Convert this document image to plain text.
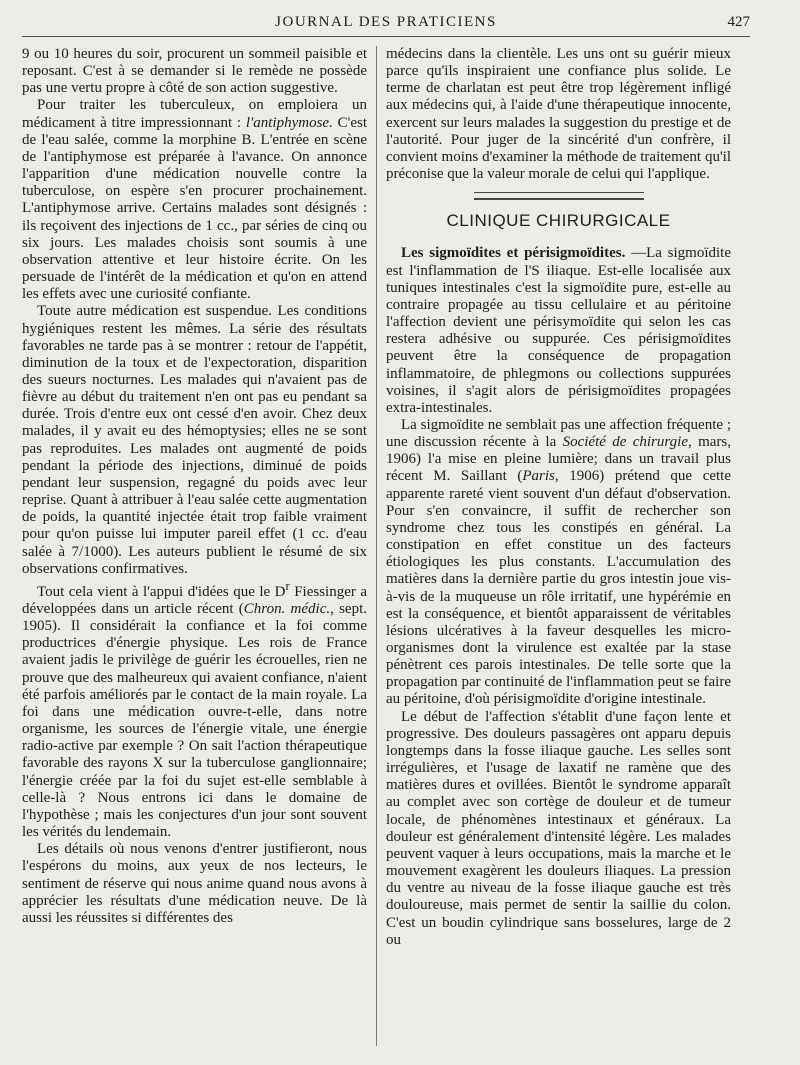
JOURNAL DES PRATICIENS	427

9 ou 10 heures du soir, procurent un sommeil paisible et reposant. C'est à se demander si le remède ne possède pas une vertu propre à côté de son action suggestive.

Pour traiter les tuberculeux, on emploiera un médicament à titre impressionnant : l'antiphymose. C'est de l'eau salée, comme la morphine B. L'entrée en scène de l'antiphymose est préparée à l'avance. On annonce l'apparition d'une médication nouvelle contre la tuberculose, on espère s'en procurer prochainement. L'antiphymose arrive. Certains malades sont désignés : ils reçoivent des injections de 1 cc., par séries de cinq ou six jours. Les malades choisis sont soumis à une observation attentive et leur histoire écrite. On les persuade de l'intérêt de la médication et qu'on en attend les effets avec une curiosité confiante.

Toute autre médication est suspendue. Les conditions hygiéniques restent les mêmes. La série des résultats favorables ne tarde pas à se montrer : retour de l'appétit, diminution de la toux et de l'expectoration, disparition des sueurs nocturnes. Les malades qui n'avaient pas de fièvre au début du traitement n'en ont pas eu pendant sa durée. Trois d'entre eux ont cessé d'en avoir. Chez deux malades, il y avait eu des hémoptysies; elles ne se sont pas reproduites. Les malades ont augmenté de poids pendant la période des injections, diminué de poids pendant leur suspension, regagné du poids avec leur reprise. Quant à attribuer à l'eau salée cette augmentation de poids, la quantité injectée était trop faible vraiment pour qu'on puisse lui imputer pareil effet (1 cc. d'eau salée à 7/1000). Les auteurs publient le résumé de six observations confirmatives.

Tout cela vient à l'appui d'idées que le $D^r$ Fiessinger a développées dans un article récent (Chron. médic., sept. 1905). Il considérait la confiance et la foi comme productrices d'énergie physique. Les rois de France avaient jadis le privilège de guérir les écrouelles, rien ne prouve que des malheureux qui avaient confiance, n'aient été parfois améliorés par le contact de la main royale. La foi dans une médication ouvre-t-elle, dans notre organisme, les sources de l'énergie vitale, une énergie radio-active par exemple ? On sait l'action thérapeutique favorable des rayons X sur la tuberculose ganglionnaire; l'énergie créée par la foi du sujet est-elle semblable à celle-là ? Nous entrons ici dans le domaine de l'hypothèse ; mais les conjectures d'un jour sont souvent les vérités du lendemain.

Les détails où nous venons d'entrer justifieront, nous l'espérons du moins, aux yeux de nos lecteurs, le sentiment de réserve qui nous anime quand nous avons à apprécier les résultats d'une médication neuve. De là aussi les réussites si différentes des

médecins dans la clientèle. Les uns ont su guérir mieux parce qu'ils inspiraient une confiance plus solide. Le terme de charlatan est peut être trop légèrement infligé aux médecins qui, à l'aide d'une thérapeutique innocente, exercent sur leurs malades la suggestion du prestige et de l'autorité. Pour juger de la sincérité d'un confrère, il convient moins d'examiner la méthode de traitement qu'il préconise que la valeur morale de celui qui l'applique.

CLINIQUE CHIRURGICALE

Les sigmoïdites et périsigmoïdites. —La sigmoïdite est l'inflammation de l'S iliaque. Est-elle localisée aux tuniques intestinales c'est la sigmoïdite pure, est-elle au contraire propagée au tissu cellulaire et au péritoine l'affection devient une périsymoïdite qui selon les cas restera adhésive ou suppurée. Ces périsigmoïdites peuvent être la conséquence de propagation inflammatoire, de phlegmons ou collections suppurées voisines, il s'agit alors de périsigmoïdites propagées extra-intestinales.

La sigmoïdite ne semblait pas une affection fréquente ; une discussion récente à la Société de chirurgie, mars, 1906) l'a mise en pleine lumière; dans un travail plus récent M. Saillant (Paris, 1906) prétend que cette apparente rareté vient souvent d'un défaut d'observation. Pour s'en convaincre, il suffit de rechercher son syndrome chez tous les constipés en général. La constipation en effet constitue un des facteurs étiologiques les plus constants. L'accumulation des matières dans la dernière partie du gros intestin joue vis-à-vis de la muqueuse un rôle irritatif, une hypérémie en est la conséquence, et bientôt apparaissent de véritables lésions ulcératives à la faveur desquelles les micro-organismes dont la virulence est exaltée par la stase pénètrent ces parois intestinales. De telle sorte que la propagation par continuité de l'inflammation peut se faire au péritoine, d'où périsigmoïdite d'origine intestinale.

Le début de l'affection s'établit d'une façon lente et progressive. Des douleurs passagères ont apparu depuis longtemps dans la fosse iliaque gauche. Les selles sont irrégulières, et l'usage de laxatif ne ramène que des matières dures et ovillées. Bientôt le syndrome apparaît au complet avec son cortège de douleur et de tumeur locale, de phénomènes intestinaux et généraux. La douleur est généralement d'intensité légère. Les malades peuvent vaquer à leurs occupations, mais la marche et le mouvement exagèrent les douleurs iliaques. La pression du ventre au niveau de la fosse iliaque gauche est très douloureuse, mais permet de sentir la saillie du colon. C'est un boudin cylindrique sans bosselures, large de 2 ou
